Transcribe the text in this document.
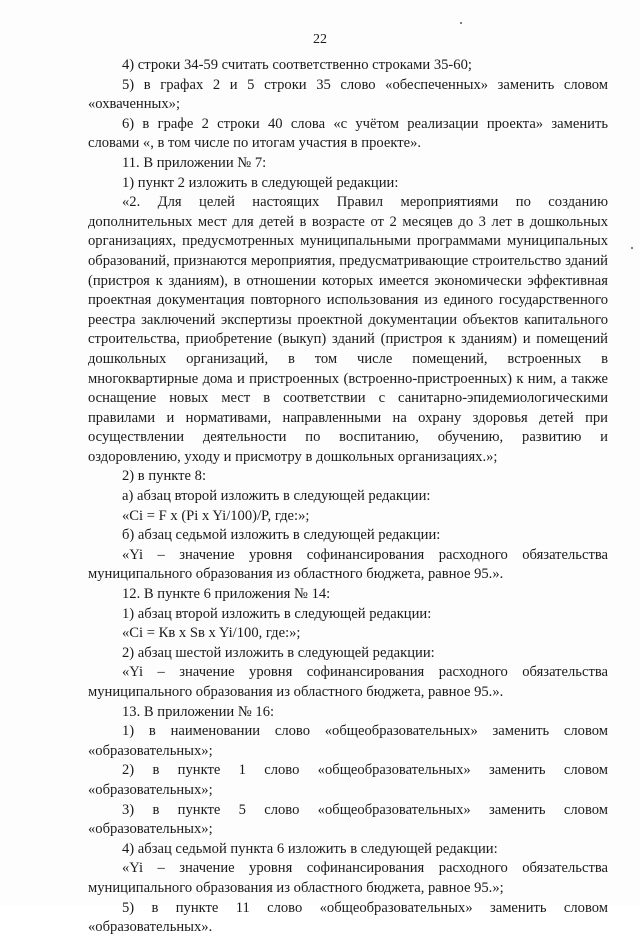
22

4) строки 34-59 считать соответственно строками 35-60;

5) в графах 2 и 5 строки 35 слово «обеспеченных» заменить словом «охваченных»;

6) в графе 2 строки 40 слова «с учётом реализации проекта» заменить словами «, в том числе по итогам участия в проекте».

11. В приложении № 7:

1) пункт 2 изложить в следующей редакции:

«2. Для целей настоящих Правил мероприятиями по созданию дополнительных мест для детей в возрасте от 2 месяцев до 3 лет в дошкольных организациях, предусмотренных муниципальными программами муниципальных образований, признаются мероприятия, предусматривающие строительство зданий (пристроя к зданиям), в отношении которых имеется экономически эффективная проектная документация повторного использования из единого государственного реестра заключений экспертизы проектной документации объектов капитального строительства, приобретение (выкуп) зданий (пристроя к зданиям) и помещений дошкольных организаций, в том числе помещений, встроенных в многоквартирные дома и пристроенных (встроенно-пристроенных) к ним, а также оснащение новых мест в соответствии с санитарно-эпидемиологическими правилами и нормативами, направленными на охрану здоровья детей при осуществлении деятельности по воспитанию, обучению, развитию и оздоровлению, уходу и присмотру в дошкольных организациях.»;

2) в пункте 8:

а) абзац второй изложить в следующей редакции:

«Ci = F x (Pi x Yi/100)/P, где:»;

б) абзац седьмой изложить в следующей редакции:

«Yi – значение уровня софинансирования расходного обязательства муниципального образования из областного бюджета, равное 95.».

12. В пункте 6 приложения № 14:

1) абзац второй изложить в следующей редакции:

«Ci = Кв x Sв x Yi/100, где:»;

2) абзац шестой изложить в следующей редакции:

«Yi – значение уровня софинансирования расходного обязательства муниципального образования из областного бюджета, равное 95.».

13. В приложении № 16:

1) в наименовании слово «общеобразовательных» заменить словом «образовательных»;

2) в пункте 1 слово «общеобразовательных» заменить словом «образовательных»;

3) в пункте 5 слово «общеобразовательных» заменить словом «образовательных»;

4) абзац седьмой пункта 6 изложить в следующей редакции:

«Yi – значение уровня софинансирования расходного обязательства муниципального образования из областного бюджета, равное 95.»;

5) в пункте 11 слово «общеобразовательных» заменить словом «образовательных».
